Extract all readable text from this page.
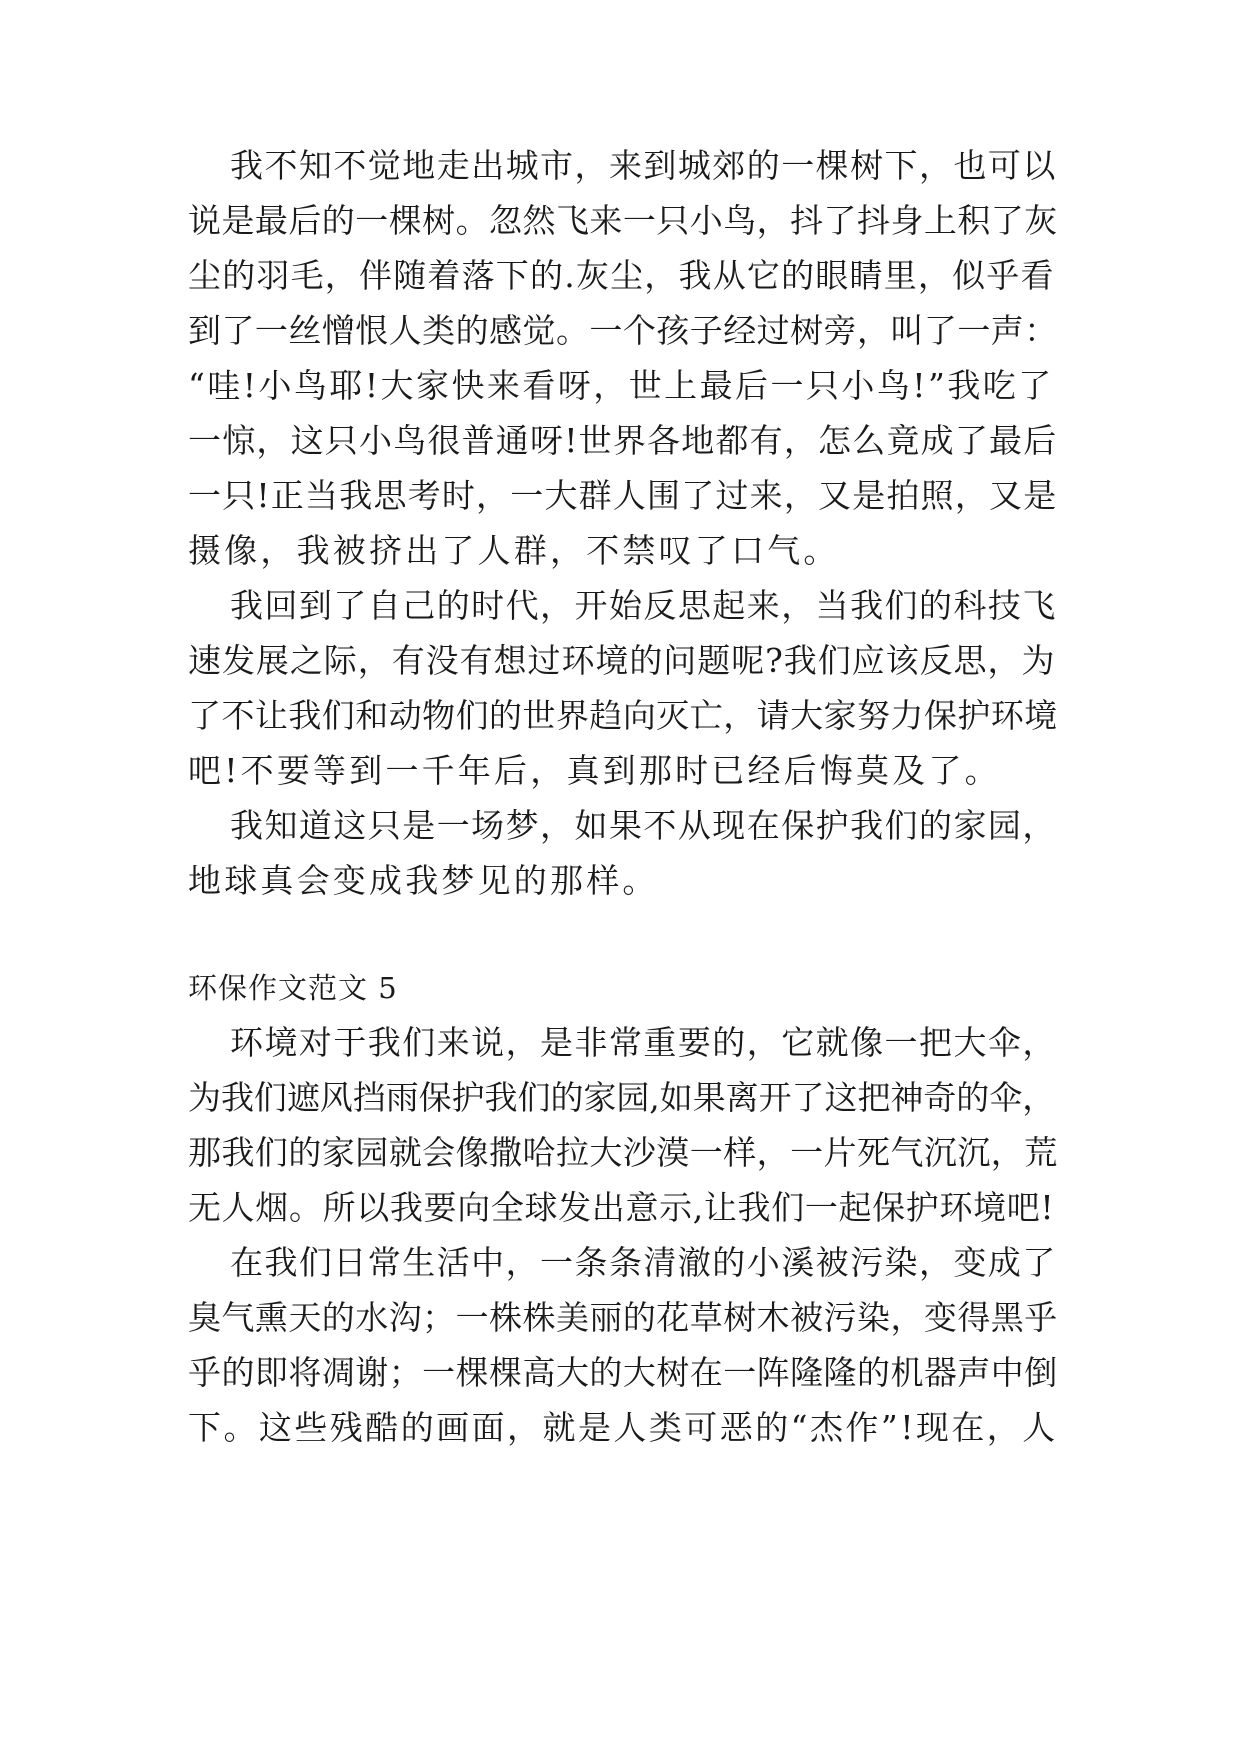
我不知不觉地走出城市，来到城郊的一棵树下，也可以
说是最后的一棵树。忽然飞来一只小鸟，抖了抖身上积了灰
尘的羽毛，伴随着落下的.灰尘，我从它的眼睛里，似乎看
到了一丝憎恨人类的感觉。一个孩子经过树旁，叫了一声：
“哇!小鸟耶!大家快来看呀，世上最后一只小鸟!”我吃了
一惊，这只小鸟很普通呀!世界各地都有，怎么竟成了最后
一只!正当我思考时，一大群人围了过来，又是拍照，又是
摄像，我被挤出了人群，不禁叹了口气。
我回到了自己的时代，开始反思起来，当我们的科技飞
速发展之际，有没有想过环境的问题呢?我们应该反思，为
了不让我们和动物们的世界趋向灭亡，请大家努力保护环境
吧!不要等到一千年后，真到那时已经后悔莫及了。
我知道这只是一场梦，如果不从现在保护我们的家园，
地球真会变成我梦见的那样。
环保作文范文 5
环境对于我们来说，是非常重要的，它就像一把大伞，
为我们遮风挡雨保护我们的家园,如果离开了这把神奇的伞，
那我们的家园就会像撒哈拉大沙漠一样，一片死气沉沉，荒
无人烟。所以我要向全球发出意示,让我们一起保护环境吧!
在我们日常生活中，一条条清澈的小溪被污染，变成了
臭气熏天的水沟；一株株美丽的花草树木被污染，变得黑乎
乎的即将凋谢；一棵棵高大的大树在一阵隆隆的机器声中倒
下。这些残酷的画面，就是人类可恶的“杰作”!现在，人
